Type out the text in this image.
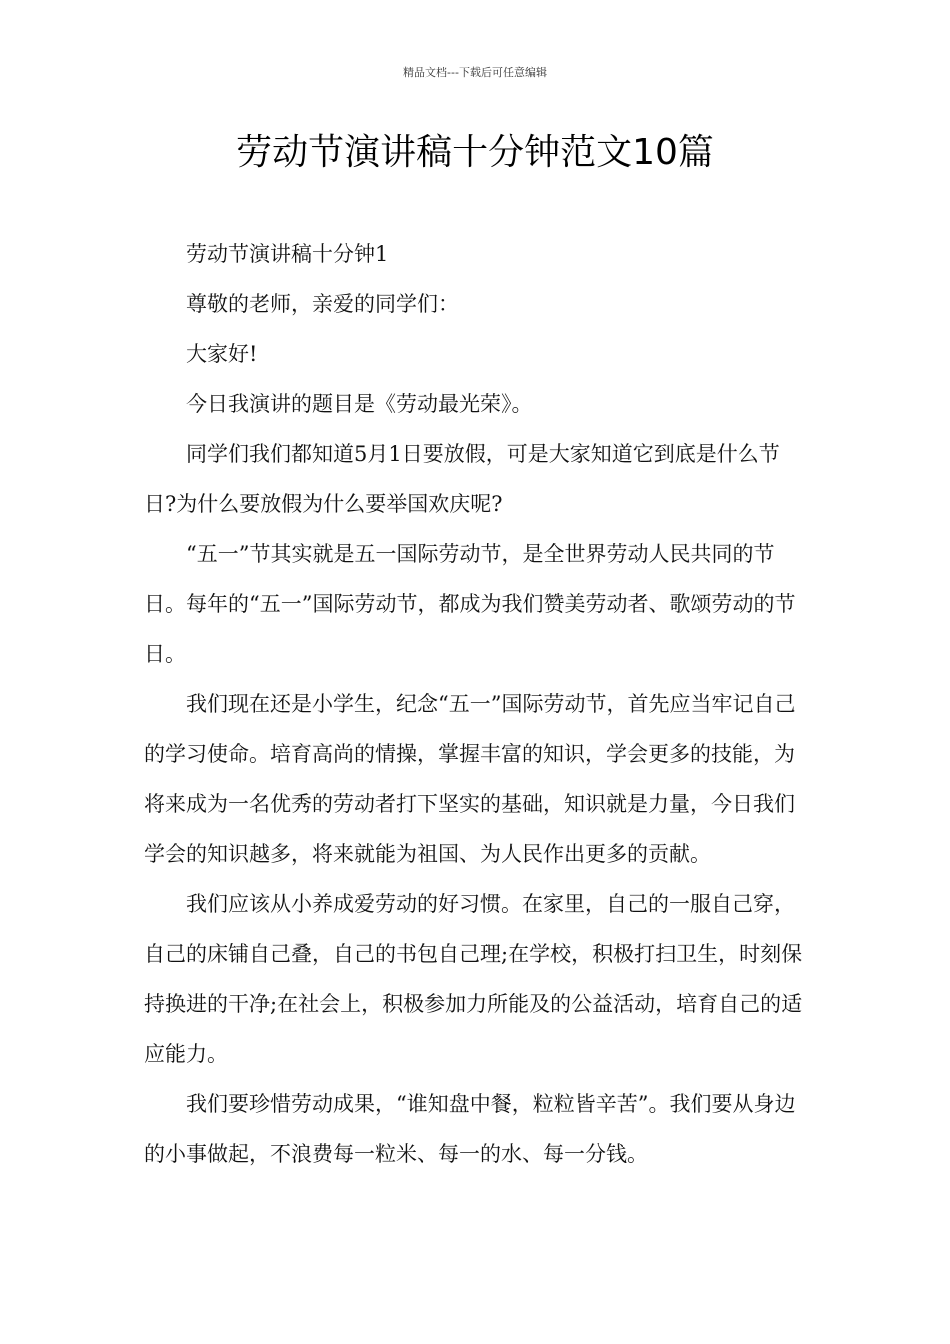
精品文档---下载后可任意编辑
劳动节演讲稿十分钟范文10篇

劳动节演讲稿十分钟1

尊敬的老师，亲爱的同学们：

大家好!

今日我演讲的题目是《劳动最光荣》。

同学们我们都知道5月1日要放假，可是大家知道它到底是什么节日?为什么要放假为什么要举国欢庆呢?

“五一”节其实就是五一国际劳动节，是全世界劳动人民共同的节日。每年的“五一”国际劳动节，都成为我们赞美劳动者、歌颂劳动的节日。

我们现在还是小学生，纪念“五一”国际劳动节，首先应当牢记自己的学习使命。培育高尚的情操，掌握丰富的知识，学会更多的技能，为将来成为一名优秀的劳动者打下坚实的基础，知识就是力量，今日我们学会的知识越多，将来就能为祖国、为人民作出更多的贡献。

我们应该从小养成爱劳动的好习惯。在家里，自己的一服自己穿，自己的床铺自己叠，自己的书包自己理;在学校，积极打扫卫生，时刻保持换进的干净;在社会上，积极参加力所能及的公益活动，培育自己的适应能力。

我们要珍惜劳动成果，“谁知盘中餐，粒粒皆辛苦”。我们要从身边的小事做起，不浪费每一粒米、每一的水、每一分钱。
